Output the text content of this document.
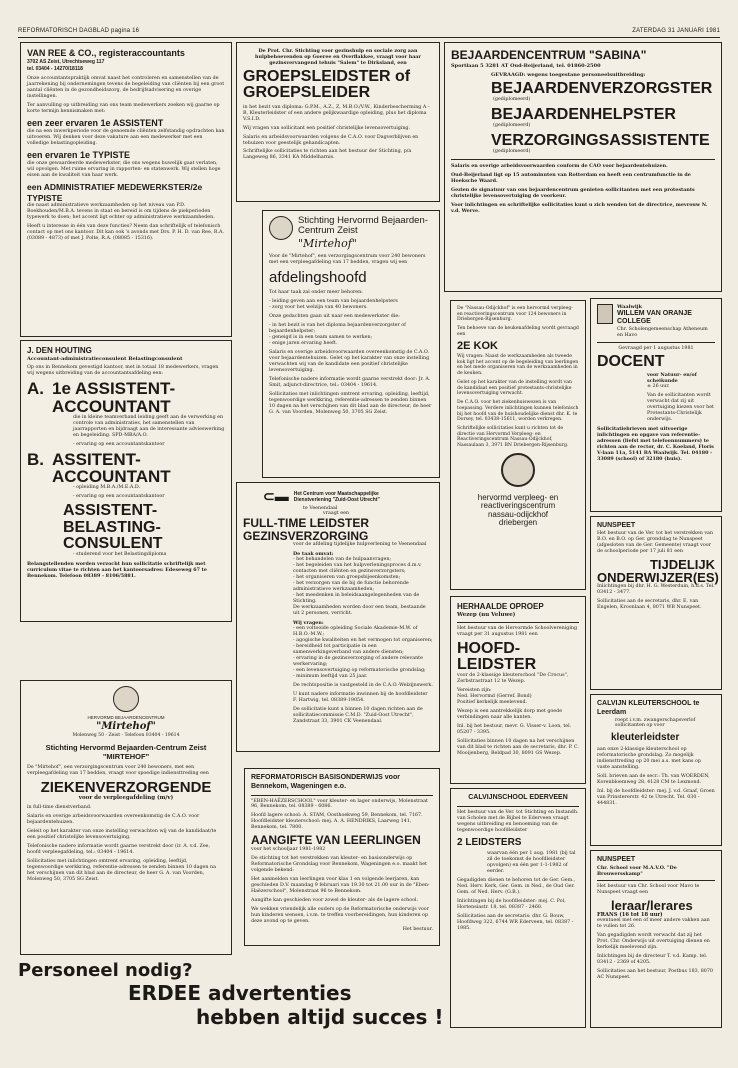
REFORMATORISCH DAGBLAD pagina 16	ZATERDAG 31 JANUARI 1981
VAN REE & CO., registeraccountants
3702 AS Zeist, Utrechtseweg 117
tel. 03404 - 14270/18118

Onze accountantspraktijk omvat naast het controleren en samenstellen van de jaarrekening bij ondernemingen tevens de begeleiding van cliënten bij een groot aantal cliënten in de gezondheidszorg, de bedrijfsadvisering en overige instellingen.

Ter aanvulling op uitbreiding van ons team medewerkers zoeken wij gaarne op korte termijn kennismaken met:

een zeer ervaren 1e ASSISTENT

die na een inwerkperiode voor de genoemde cliënten zelfstandig opdrachten kan uitvoeren. Wij denken voor deze vakature aan een medewerker met een volledige belastingopleiding.

een ervaren 1e TYPISTE

die onze gewaardeerde medewerkster, die ons wegens huwelijk gaat verlaten, wil opvolgen. Met ruime ervaring in rapporten- en statenwerk. Wij stellen hoge eisen aan de kwaliteit van haar werk.

een ADMINISTRATIEF MEDEWERKSTER/2e TYPISTE

die naast administratieve werkzaamheden op het niveau van P.D. Boekhouden/M.B.A. tevens in staat en bereid is om tijdens de piekperioden typewerk te doen; het accent ligt echter op administratieve werkzaamheden.

Heeft u interesse in één van deze functies? Neem dan schriftelijk of telefonisch contact op met ons kantoor. Dit kan ook 's avonds met Drs. P. H. D. van Ree, R.A. (03089 - 4873) of met J. Polte, R.A. (08085 - 15316).

J. DEN HOUTING
Accountant-administratieconsulent Belastingconsulent

Op ons in Bennekom gevestigd kantoor, met in totaal 18 medewerkers, vragen wij wegens uitbreiding van de accountantsafdeling een:

A. 1e ASSISTENT-ACCOUNTANT

die in kleine teamverband leiding geeft aan de verwerking en controle van administraties, het samenstellen van jaarrapporten en bijdraagt aan de interessante advieswerking en begeleiding. SPD-MBA/A.O.

- ervaring op een accountantskantoor

B. ASSITENT-ACCOUNTANT

- opleiding M.B.A./M.E.A.D.

- ervaring op een accountantskantoor

ASSISTENT-BELASTING-CONSULENT

- studerend voor het Belastingdiploma

Belangstellenden worden verzocht hun sollicitatie schriftelijk met curriculum vitae te richten aan het kantoorsadres: Edeseweg 67 te Bennekom. Telefoon 08389 - 8106/5881.

HERVORMD BEJAARDENCENTRUM
"Mirtehof"
Molenweg 50 - Zeist - Telefoon 03404 - 19614
Stichting Hervormd Bejaarden-Centrum Zeist
"MIRTEHOF"

De "Mirtehof", een verzorgingscentrum voor 240 bewoners, met een verpleegafdeling van 17 bedden, vraagt voor spoedige indiensttreding een

ZIEKENVERZORGENDE
voor de verpleegafdeling (m/v)

in full-time dienstverband.

Salaris en overige arbeidsvoorwaarden overeenkomstig de C.A.O. voor bejaardentehuizen.

Geleit op het karakter van onze instelling verwachten wij van de kandidaat/te een positief christelijke levensovertuiging.

Telefonische nadere informatie wordt gaarne verstrekt door (ir. A. v.d. Zee, hoofd verpleegafdeling, tel.: 03404 - 19614.

Sollicitaties met inlichtingen omtrent ervaring, opleiding, leeftijd, tegenwoordige werkkring, referentie-adressen te zenden binnen 10 dagen na het verschijnen van dit blad aan de directeur, de heer G. A. van Voorden, Molenweg 50, 3705 SG Zeist.

De Prot. Chr. Stichting voor gezinshulp en sociale zorg aan hulpbehoevenden op Goeree en Overflakkee, vraagt voor haar gezinsvervangend tehuis "Salem" te Dirksland, een

GROEPSLEIDSTER of GROEPSLEIDER

in het bezit van diploma: G.P.M., A.Z., Z, M.B.O./V.W., Kinderbescherming A - B, Kleuterleidster of een andere gelijkwaardige opleiding, plus het diploma V.S.I.D.

Wij vragen van sollicitant een positief christelijke levensovertuiging.

Salaris en arbeidsvoorwaarden volgens de C.A.O. voor Dagverblijven en tehuizen voor geestelijk gehandicapten.

Schriftelijke sollicitaties te richten aan het bestuur der Stichting, p/a Langeweg 86, 3341 KA Middelharnis.

Stichting Hervormd Bejaarden-Centrum Zeist
"Mirtehof"

Voor de "Mirtehof", een verzorgingscentrum voor 240 bewoners met een verpleegafdeling van 17 bedden, vragen wij een

afdelingshoofd

Tot haar taak zal onder meer behoren:

- leiding geven aan een team van bejaardenhelpsters

- zorg voor het welzijn van 40 bewoners.

Onze gedachten gaan uit naar een medewerkster die:

- in het bezit is van het diploma bejaardenverzorgster of bejaardenhelpster;
- geneigd is in een team samen te werken;

- enige jaren ervaring heeft.

Salaris en overige arbeidsvoorwaarden overeenkomstig de C.A.O. voor bejaardentehuizen. Gelet op het karakter van onze instelling verwachten wij van de kandidate een positief christelijke levensovertuiging.

Telefonische nadere informatie wordt gaarne verstrekt door: Jr. A. Smit, adjunct-directrice, tel.: 03404 - 19614.

Sollicitaties met inlichtingen omtrent ervaring, opleiding, leeftijd, tegenwoordige werkkring, referentie-adressen te zenden binnen 10 dagen na het verschijnen van dit blad aan de directeur, de heer G. A. van Voorden, Molenweg 50, 3705 SG Zeist.

⊂▬ Het Centrum voor Maatschappelijke Dienstverlening "Zuid-Oost Utrecht"
te Veenendaal
vraagt een
FULL-TIME LEIDSTER GEZINSVERZORGING

voor de afdeling tijdelijke hulpverlening te Veenendaal

De taak omvat:
- het behandelen van de hulpaanvragen;
- het begeleiden van het hulpverleningsproces d.m.v. contacten met cliënten en gezinsverzorgsters;
- het organiseren van groepsbijeenkomsten;
- het verzorgen van de bij de functie behorende administratieve werkzaamheden;
- het meedenken in beleidsaangelegenheden van de Stichting.

De werkzaamheden worden door een team, bestaande uit 2 personen, verricht.

Wij vragen:
- een voltooide opleiding Sociale Akademie-M.W. of H.B.O.-M.W.;
- agogische kwaliteiten en het vermogen tot organiseren;
- bereidheid tot participatie in een samenwerkingsverband van andere diensten;
- ervaring in de gezinsverzorging of andere relevante werkervaring;
- een levensovertuiging op reformatorische grondslag;

- minimum leeftijd van 25 jaar.

De rechtspositie is vastgesteld in de C.A.O.-Welzijnswerk.

U kunt nadere informatie inwinnen bij de hoofdleidster F. Hartwig, tel. 08389-19054.

De sollicitatie kunt u binnen 10 dagen richten aan de sollicitatiecommissie C.M.D. "Zuid-Oost Utrecht", Zandstraat 33, 3901 CK Veenendaal.

REFORMATORISCH BASISONDERWIJS voor Bennekom, Wageningen e.o.

"EBEN-HAËZERSCHOOL" voor kleuter- en lager onderwijs, Molenstraat 96, Bennekom, tel. 08389 - 6086.

Hoofd lagere school: A. STAM, Oosthoekweg 59, Bennekom, tel. 7167.

Hoofdleidster kleuterschool: mej. A. A. HENDRIKS, Laarweg 141, Bennekom, tel. 7800.

AANGIFTE VAN LEERLINGEN

voor het schooljaar 1981-1982

De stichting tot het verstrekken van kleuter- en basisonderwijs op Reformatorische Grondslag voor Bennekom, Wageningen e.o. maakt het volgende bekend:

Het aanmelden van leerlingen voor klas 1 en volgende leerjaren, kan geschieden D.V. maandag 9 februari van 19.30 tot 21.00 uur in de "Eben-Haëzerschool", Molenstraat 96 te Bennekom.

Aangifte kan geschieden voor zowel de kleuter- als de lagere school.

We wekken vriendelijk alle ouders op de Reformatorische onderwijs voor hun kinderen wensen, i.v.m. te treffen voorbereidingen, hun kinderen op deze avond op te geven.

Het bestuur.
BEJAARDENCENTRUM "SABINA"
Sportlaan 5 3281 AT Oud-Beijerland, tel. 01860-2500
GEVRAAGD: wegens toegestane personeelsuitbreiding:
BEJAARDENVERZORGSTER
(gediplomeerd)
BEJAARDENHELPSTER
(gediplomeerd)
VERZORGINGSASSISTENTE
(gediplomeerd)

Salaris en overige arbeidsvoorwaarden conform de CAO voor bejaardentehuizen.

Oud-Beijerland ligt op 15 autominuten van Rotterdam en heeft een centrumfunctie in de Hoeksche Waard.

Gezien de signatuur van ons bejaardencentrum genieten sollicitanten met een protestants christelijke levensovertuiging de voorkeur.

Voor inlichtingen en schriftelijke sollicitaties kunt u zich wenden tot de directrice, mevrouw N. v.d. Werve.

De "Nassau-Odijckhof" is een hervormd verpleeg- en reactiveringscentrum voor 124 bewoners in Driebergen-Rijsenburg.

Ten behoeve van de keukenafdeling wordt gevraagd een

2E KOK

Wij vragen: Naast de werkzaamheden als tweede kok ligt het accent op de begeleiding van leerlingen en het mede organiseren van de werkzaamheden in de keuken.

Gelet op het karakter van de instelling wordt van de kandidaat een positief protestants-christelijke levensovertuiging verwacht.

De C.A.O. voor het ziekenhuiswezen is van toepassing. Verdere inlichtingen kunnen telefonisch bij het hoofd van de huishoudelijke dienst dhr. K. te Dorsey, tel. 03438-15611, worden verkregen.

Schriftelijke sollicitaties kunt u richten tot de directie van Hervormd Verpleeg- en Reactiveringscentrum Nassau-Odijckhof, Nassaulaan 3, 3971 BN Driebergen-Rijsenburg.

hervormd verpleeg- en
reactiveringscentrum
nassau-odijckhof
driebergen
Waalwijk
WILLEM VAN ORANJE COLLEGE
Chr. Scholengemeenschap Atheneum en Havo
Gevraagd per 1 augustus 1981
DOCENT
voor Natuur- en/of scheikunde

± 26 uur.

Van de sollicitanten wordt verwacht dat zij uit overtuiging kiezen voor het Protestants-Christelijk onderwijs.

Sollicitatiebrieven met uitvoerige inlichtingen en opgave van referentie-adressen (liefst met telefoonnummers) te richten aan de rector, dr. C. Koeland, Floris V-laan 11a, 5141 BA Waalwijk. Tel. 04180 - 33089 (school) of 32180 (huis).

NUNSPEET

Het bestuur van de Ver. tot het verstrekken van B.O. en B.O. op Ger. grondslag te Nunspeet (afgesloten van de Ger. Gemeente) vraagt voor de schoolperiode per 17 juli 81 een

TIJDELIJK ONDERWIJZER(ES)

Inlichtingen bij dhr. H. G. Westerduin, h.d.s. Tel. 03412 - 3477.

Sollicitaties aan de secretaris, dhr. E. van Engelen, Kroonlaan 4, 8071 WB Nunspeet.

HERHAALDE OPROEP
Wezep (nu Veluwe)

Het bestuur van de Hervormde Schoolvereniging vraagt per 31 augustus 1981 een

HOOFD-LEIDSTER

voor de 2-klassige kleuterschool "De Crocus", Zerbstrastraat 12 te Wezep.

Vereisten zijn:
Ned. Hervormd (Gerref. Bond)

Positief kerkelijk meelevend.

Wezep is een aantrekkelijk dorp met goede verbindingen naar alle kanten.

Inl. bij het bestuur, mevr. G. Visser-v. Loon, tel. 05207 - 3395.

Sollicitaties binnen 10 dagen na het verschijnen van dit blad te richten aan de secretaris, dhr. P. C. Mooijenberg, Beldpad 30, 8091 GS Wezep.

CALVIJN KLEUTERSCHOOL te Leerdam

roept i.v.m. zwangerschapsverlof sollicitanten op voor

kleuterleidster

aan onze 2-klassige kleuterschool op reformatorische grondslag. Zo mogelijk indiensttreding op 20 mei a.s. met kans op vaste aanstelling.

Soll. brieven aan de secr.: Th. van WOERDEN,

Korenbloemweg 28, 4128 CM te Lexmond.

Inl. bij de hoofdleidster: mej. J. v.d. Graaf, Groen van Prinstererstr. 42 te Utrecht. Tel. 030 - 444831.

CALVIJNSCHOOL EDERVEEN

Het bestuur van de Ver. tot Stichting en Instandh. van Scholen met de Bijbel te Ederveen vraagt wegens uitbreiding en benoeming van de tegenwoordige hoofdleidster

2 LEIDSTERS

waarvan één per 1 aug. 1981 (bij tal zil de toekomst de hoofdleidster opvolgen) en één per 1-1-1982 of eerder.

Gegadigden dienen te behoren tot de Ger. Gem., Ned. Herv. Kerk, Ger. Gem. in Ned., de Oud Ger. Gem. of Ned. Herv. (G.B.).

Inlichtingen bij de hoofdleidster: mej. C. Pol, Hortensiastr. 18, tel. 08387 - 2460.

Sollicitaties aan de secretaris: dhr. G. Bouw, Hoofdweg 322, 6744 WR Ederveen, tel. 08387 - 1985.

NUNSPEET
Chr. School voor M.A.V.O. "De Brouwersskamp"

Het bestuur van Chr. School voor Mavo te Nunspeet vraagt een

leraar/lerares
FRANS (16 tot 18 uur)

eventueel met een of meer andere vakken aan te vullen tot 26.

Van gegadigden wordt verwacht dat zij het Prot. Chr. Onderwijs uit overtuiging dienen en kerkelijk meelevend zijn.

Inlichtingen bij de directeur T. v.d. Kamp. tel. 03412 - 2369 of 4205.

Sollicitaties aan het bestuur, Postbus 183, 8070 AC Nunspeet.

Personeel nodig?
ERDEE advertenties
hebben altijd succes !
